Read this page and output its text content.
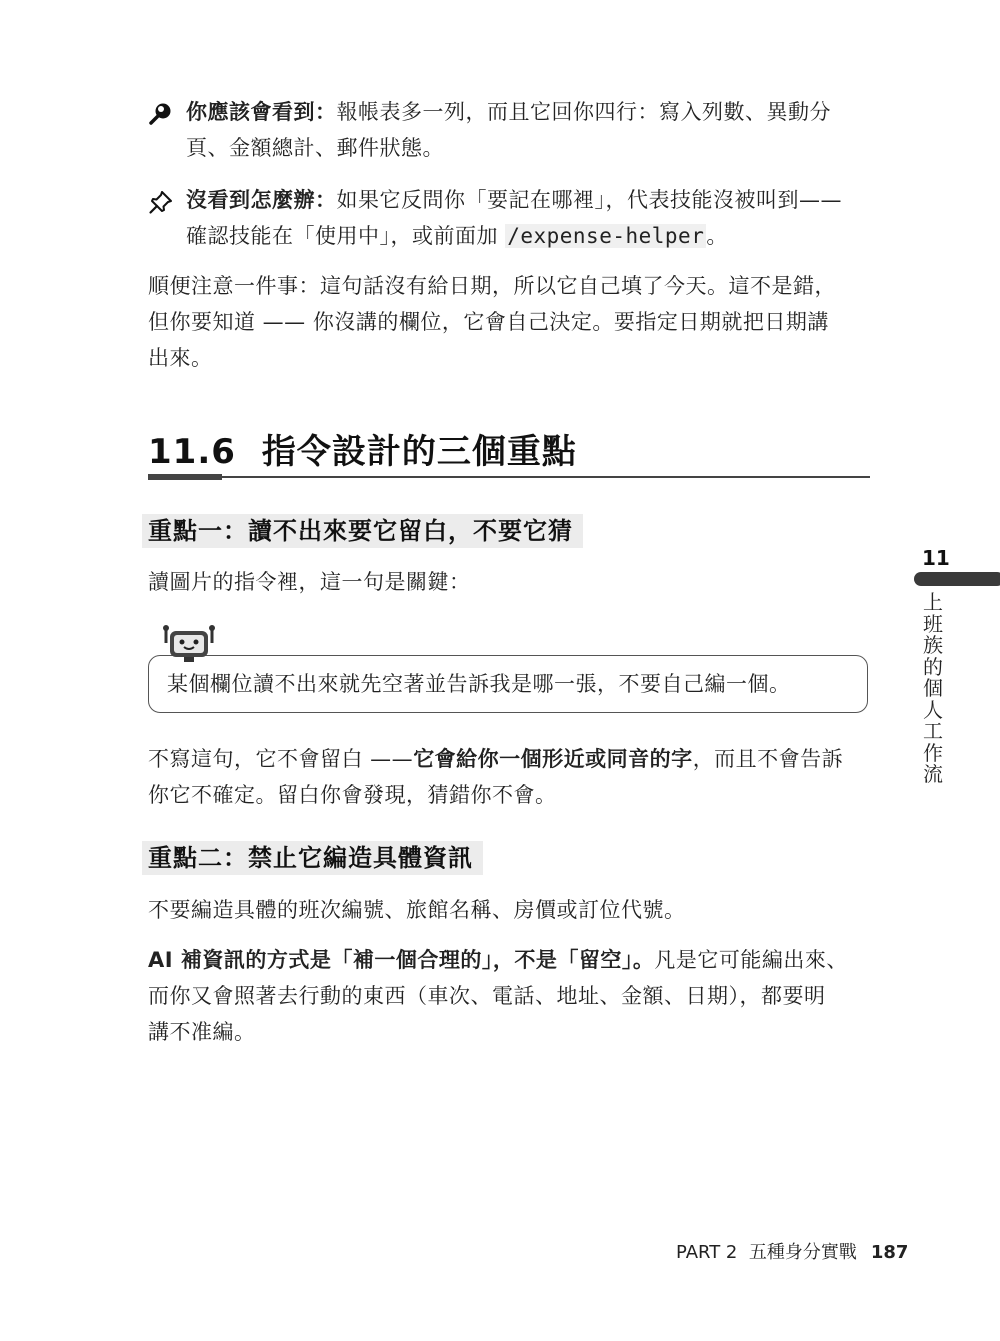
你應該會看到：報帳表多一列，而且它回你四行：寫入列數、異動分
頁、金額總計、郵件狀態。
沒看到怎麼辦：如果它反問你「要記在哪裡」，代表技能沒被叫到——
確認技能在「使用中」，或前面加 /expense-helper。
順便注意一件事：這句話沒有給日期，所以它自己填了今天。這不是錯，
但你要知道 —— 你沒講的欄位，它會自己決定。要指定日期就把日期講
出來。
11.6 指令設計的三個重點
重點一：讀不出來要它留白，不要它猜
讀圖片的指令裡，這一句是關鍵：
某個欄位讀不出來就先空著並告訴我是哪一張，不要自己編一個。
不寫這句，它不會留白 ——它會給你一個形近或同音的字，而且不會告訴
你它不確定。留白你會發現，猜錯你不會。
重點二：禁止它編造具體資訊
不要編造具體的班次編號、旅館名稱、房價或訂位代號。
AI 補資訊的方式是「補一個合理的」，不是「留空」。凡是它可能編出來、
而你又會照著去行動的東西（車次、電話、地址、金額、日期），都要明
講不准編。
11
上班族的個人工作流
PART 2  五種身分實戰 187
